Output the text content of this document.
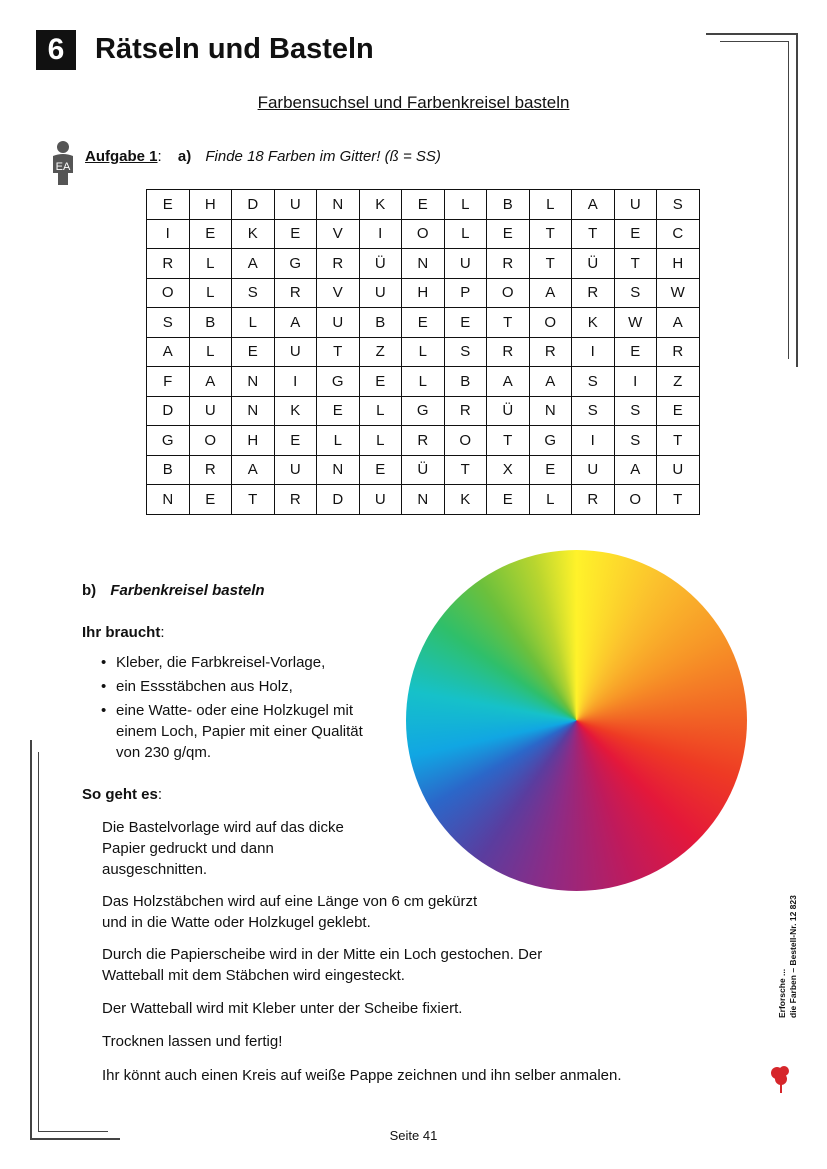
6	Rätseln und Basteln
Farbensuchsel und Farbenkreisel basteln
EA
Aufgabe 1: a) Finde 18 Farben im Gitter! (ß = SS)
E	H	D	U	N	K	E	L	B	L	A	U	S
I	E	K	E	V	I	O	L	E	T	T	E	C
R	L	A	G	R	Ü	N	U	R	T	Ü	T	H
O	L	S	R	V	U	H	P	O	A	R	S	W
S	B	L	A	U	B	E	E	T	O	K	W	A
A	L	E	U	T	Z	L	S	R	R	I	E	R
F	A	N	I	G	E	L	B	A	A	S	I	Z
D	U	N	K	E	L	G	R	Ü	N	S	S	E
G	O	H	E	L	L	R	O	T	G	I	S	T
B	R	A	U	N	E	Ü	T	X	E	U	A	U
N	E	T	R	D	U	N	K	E	L	R	O	T
b) Farbenkreisel basteln
Ihr braucht:
• Kleber, die Farbkreisel-Vorlage,
• ein Essstäbchen aus Holz,
• eine Watte- oder eine Holzkugel mit einem Loch, Papier mit einer Qualität von 230 g/qm.
So geht es:
Die Bastelvorlage wird auf das dicke Papier gedruckt und dann ausgeschnitten.
Das Holzstäbchen wird auf eine Länge von 6 cm gekürzt und in die Watte oder Holzkugel geklebt.
Durch die Papierscheibe wird in der Mitte ein Loch gestochen. Der Watteball mit dem Stäbchen wird eingesteckt.
Der Watteball wird mit Kleber unter der Scheibe fixiert.
Trocknen lassen und fertig!
Ihr könnt auch einen Kreis auf weiße Pappe zeichnen und ihn selber anmalen.
Erforsche ... die Farben – Bestell-Nr. 12 823
Seite 41
